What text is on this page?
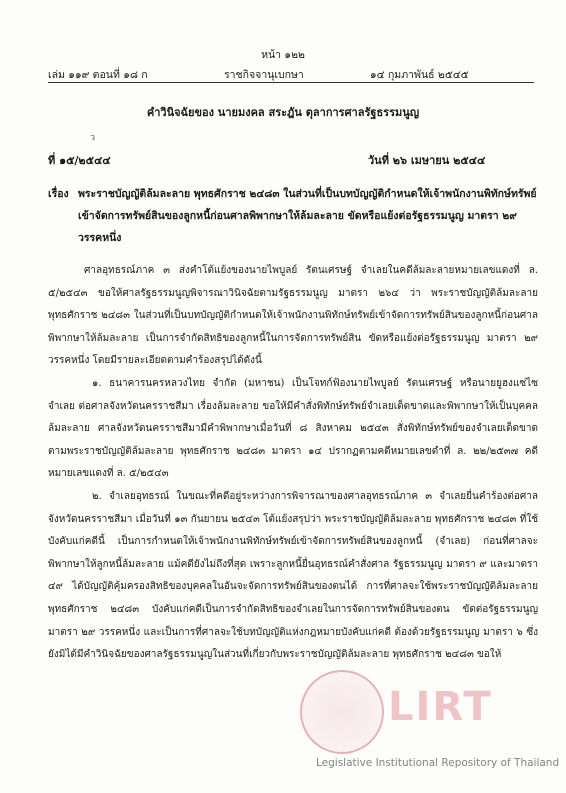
หน้า ๑๒๒
เล่ม ๑๑๙ ตอนที่ ๑๘ ก	ราชกิจจานุเบกษา	๑๔ กุมภาพันธ์ ๒๕๔๕
คำวินิจฉัยของ นายมงคล สระฎัน ตุลาการศาลรัฐธรรมนูญ
ว
ที่ ๑๕/๒๕๔๔	วันที่ ๒๖ เมษายน ๒๕๔๔
เรื่อง พระราชบัญญัติล้มละลาย พุทธศักราช ๒๔๘๓ ในส่วนที่เป็นบทบัญญัติกำหนดให้เจ้าพนักงานพิทักษ์ทรัพย์เข้าจัดการทรัพย์สินของลูกหนี้ก่อนศาลพิพากษาให้ล้มละลาย ขัดหรือแย้งต่อรัฐธรรมนูญ มาตรา ๒๙ วรรคหนึ่ง

ศาลอุทธรณ์ภาค ๓ ส่งคำโต้แย้งของนายไพบูลย์ รัตนเศรษฐ์ จำเลยในคดีล้มละลายหมายเลขแดงที่ ล. ๕/๒๕๔๓ ขอให้ศาลรัฐธรรมนูญพิจารณาวินิจฉัยตามรัฐธรรมนูญ มาตรา ๒๖๔ ว่า พระราชบัญญัติล้มละลาย พุทธศักราช ๒๔๘๓ ในส่วนที่เป็นบทบัญญัติกำหนดให้เจ้าพนักงานพิทักษ์ทรัพย์เข้าจัดการทรัพย์สินของลูกหนี้ก่อนศาลพิพากษาให้ล้มละลาย เป็นการจำกัดสิทธิของลูกหนี้ในการจัดการทรัพย์สิน ขัดหรือแย้งต่อรัฐธรรมนูญ มาตรา ๒๙ วรรคหนึ่ง โดยมีรายละเอียดตามคำร้องสรุปได้ดังนี้

๑. ธนาคารนครหลวงไทย จำกัด (มหาชน) เป็นโจทก์ฟ้องนายไพบูลย์ รัตนเศรษฐ์ หรือนายยูฮงแซ่ไซ จำเลย ต่อศาลจังหวัดนครราชสีมา เรื่องล้มละลาย ขอให้มีคำสั่งพิทักษ์ทรัพย์จำเลยเด็ดขาดและพิพากษาให้เป็นบุคคลล้มละลาย ศาลจังหวัดนครราชสีมามีคำพิพากษาเมื่อวันที่ ๘ สิงหาคม ๒๕๔๓ สั่งพิทักษ์ทรัพย์ของจำเลยเด็ดขาดตามพระราชบัญญัติล้มละลาย พุทธศักราช ๒๔๘๓ มาตรา ๑๔ ปรากฏตามคดีหมายเลขดำที่ ล. ๒๒/๒๕๓๗ คดีหมายเลขแดงที่ ล. ๕/๒๕๔๓

๒. จำเลยอุทธรณ์ ในขณะที่คดีอยู่ระหว่างการพิจารณาของศาลอุทธรณ์ภาค ๓ จำเลยยื่นคำร้องต่อศาลจังหวัดนครราชสีมา เมื่อวันที่ ๑๓ กันยายน ๒๕๔๓ โต้แย้งสรุปว่า พระราชบัญญัติล้มละลาย พุทธศักราช ๒๔๘๓ ที่ใช้บังคับแก่คดีนี้ เป็นการกำหนดให้เจ้าพนักงานพิทักษ์ทรัพย์เข้าจัดการทรัพย์สินของลูกหนี้ (จำเลย) ก่อนที่ศาลจะพิพากษาให้ลูกหนี้ล้มละลาย แม้คดียังไม่ถึงที่สุด เพราะลูกหนี้ยื่นอุทธรณ์คำสั่งศาล รัฐธรรมนูญ มาตรา ๙ และมาตรา ๔๙ ได้บัญญัติคุ้มครองสิทธิของบุคคลในอันจะจัดการทรัพย์สินของตนได้ การที่ศาลจะใช้พระราชบัญญัติล้มละลาย พุทธศักราช ๒๔๘๓ บังคับแก่คดีเป็นการจำกัดสิทธิของจำเลยในการจัดการทรัพย์สินของตน ขัดต่อรัฐธรรมนูญ มาตรา ๒๙ วรรคหนึ่ง และเป็นการที่ศาลจะใช้บทบัญญัติแห่งกฎหมายบังคับแก่คดี ต้องด้วยรัฐธรรมนูญ มาตรา ๖ ซึ่งยังมิได้มีคำวินิจฉัยของศาลรัฐธรรมนูญในส่วนที่เกี่ยวกับพระราชบัญญัติล้มละลาย พุทธศักราช ๒๔๘๓ ขอให้

LIRT
Legislative Institutional Repository of Thailand
